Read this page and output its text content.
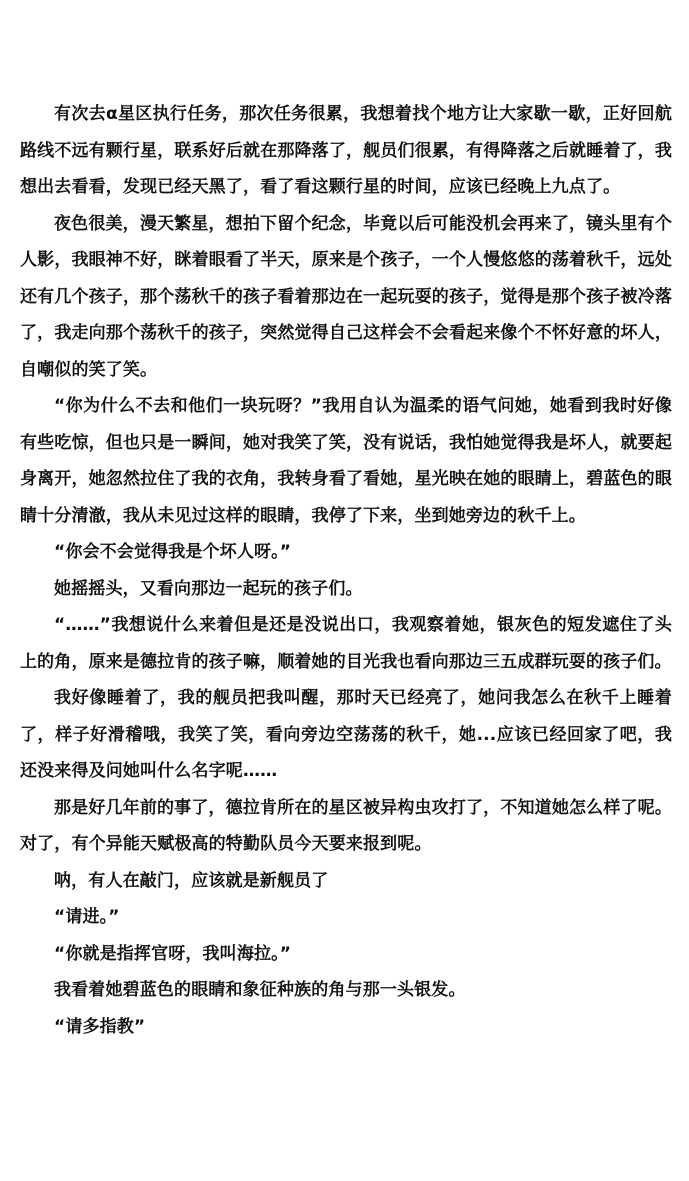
有次去α星区执行任务，那次任务很累，我想着找个地方让大家歇一歇，正好回航路线不远有颗行星，联系好后就在那降落了，舰员们很累，有得降落之后就睡着了，我想出去看看，发现已经天黑了，看了看这颗行星的时间，应该已经晚上九点了。

夜色很美，漫天繁星，想拍下留个纪念，毕竟以后可能没机会再来了，镜头里有个人影，我眼神不好，眯着眼看了半天，原来是个孩子，一个人慢悠悠的荡着秋千，远处还有几个孩子，那个荡秋千的孩子看着那边在一起玩耍的孩子，觉得是那个孩子被冷落了，我走向那个荡秋千的孩子，突然觉得自己这样会不会看起来像个不怀好意的坏人，自嘲似的笑了笑。

“你为什么不去和他们一块玩呀？”我用自认为温柔的语气问她，她看到我时好像有些吃惊，但也只是一瞬间，她对我笑了笑，没有说话，我怕她觉得我是坏人，就要起身离开，她忽然拉住了我的衣角，我转身看了看她，星光映在她的眼睛上，碧蓝色的眼睛十分清澈，我从未见过这样的眼睛，我停了下来，坐到她旁边的秋千上。

“你会不会觉得我是个坏人呀。”

她摇摇头，又看向那边一起玩的孩子们。

“……”我想说什么来着但是还是没说出口，我观察着她，银灰色的短发遮住了头上的角，原来是德拉肯的孩子嘛，顺着她的目光我也看向那边三五成群玩耍的孩子们。

我好像睡着了，我的舰员把我叫醒，那时天已经亮了，她问我怎么在秋千上睡着了，样子好滑稽哦，我笑了笑，看向旁边空荡荡的秋千，她...应该已经回家了吧，我还没来得及问她叫什么名字呢……

那是好几年前的事了，德拉肯所在的星区被异构虫攻打了，不知道她怎么样了呢。对了，有个异能天赋极高的特勤队员今天要来报到呢。

呐，有人在敲门，应该就是新舰员了

“请进。”

“你就是指挥官呀，我叫海拉。”

我看着她碧蓝色的眼睛和象征种族的角与那一头银发。

“请多指教”
